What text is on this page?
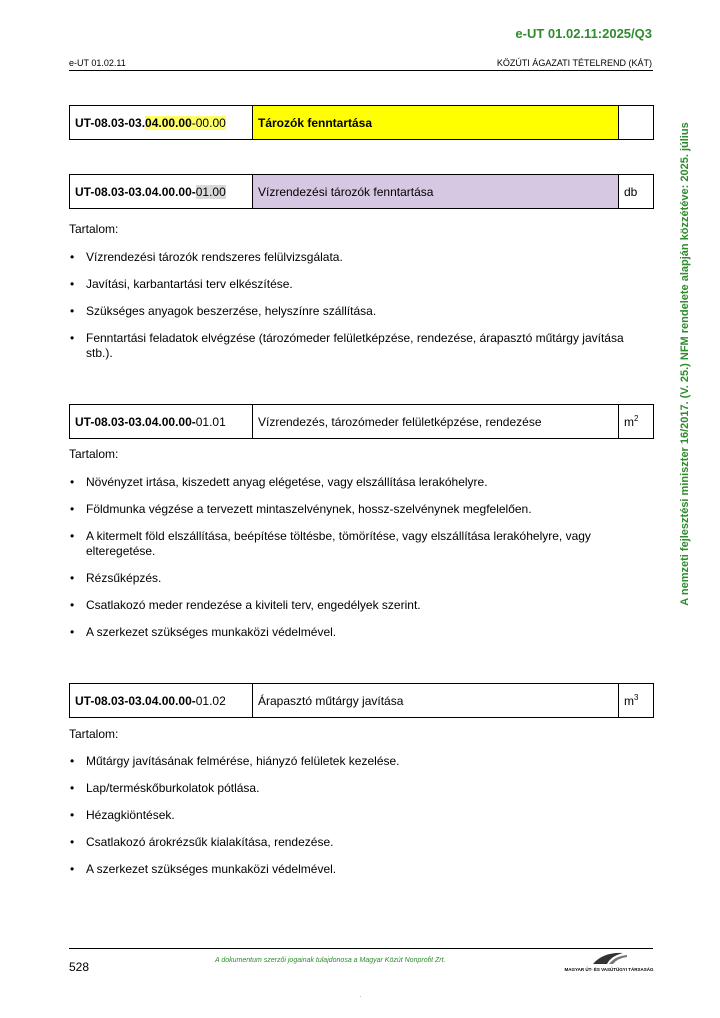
e-UT 01.02.11:2025/Q3
e-UT 01.02.11	KÖZÚTI ÁGAZATI TÉTELREND (KÁT)
A nemzeti fejlesztési miniszter 16/2017. (V. 25.) NFM rendelete alapján közzétéve: 2025. július
UT-08.03-03.04.00.00-00.00	Tározók fenntartása	
UT-08.03-03.04.00.00-01.00	Vízrendezési tározók fenntartása	db
Tartalom:
• Vízrendezési tározók rendszeres felülvizsgálata.
• Javítási, karbantartási terv elkészítése.
• Szükséges anyagok beszerzése, helyszínre szállítása.
• Fenntartási feladatok elvégzése (tározómeder felületképzése, rendezése, árapasztó műtárgy javítása stb.).
UT-08.03-03.04.00.00-01.01	Vízrendezés, tározómeder felületképzése, rendezése	$m^2$
Tartalom:
• Növényzet irtása, kiszedett anyag elégetése, vagy elszállítása lerakóhelyre.
• Földmunka végzése a tervezett mintaszelvénynek, hossz-szelvénynek megfelelően.
• A kitermelt föld elszállítása, beépítése töltésbe, tömörítése, vagy elszállítása lerakóhelyre, vagy elteregetése.
• Rézsűképzés.
• Csatlakozó meder rendezése a kiviteli terv, engedélyek szerint.
• A szerkezet szükséges munkaközi védelmével.
UT-08.03-03.04.00.00-01.02	Árapasztó műtárgy javítása	$m^3$
Tartalom:
• Műtárgy javításának felmérése, hiányzó felületek kezelése.
• Lap/terméskőburkolatok pótlása.
• Hézagkiöntések.
• Csatlakozó árokrézsűk kialakítása, rendezése.
• A szerkezet szükséges munkaközi védelmével.
528	A dokumentum szerzői jogainak tulajdonosa a Magyar Közút Nonprofit Zrt.
MAGYAR ÚT- ÉS VASÚTÜGYI TÁRSASÁG
·
